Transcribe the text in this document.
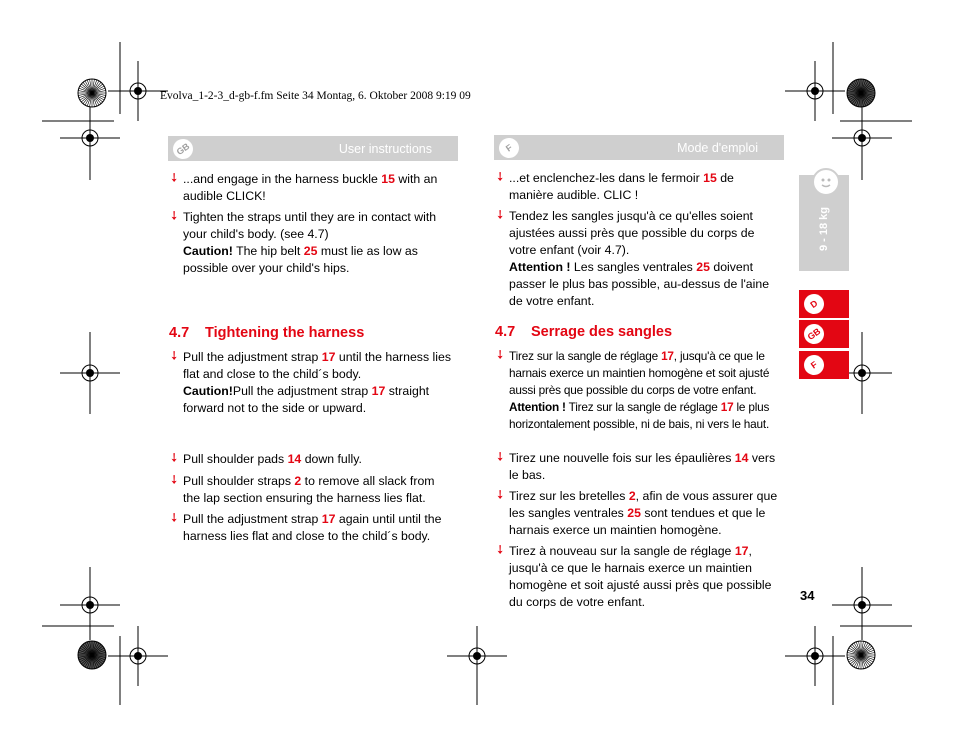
Evolva_1-2-3_d-gb-f.fm Seite 34 Montag, 6. Oktober 2008 9:19 09
GB	User instructions	F	Mode d'emploi
➘ ...and engage in the harness buckle 15 with an audible CLICK!
➘ Tighten the straps until they are in contact with your child's body. (see 4.7)
Caution! The hip belt 25 must lie as low as possible over your child's hips.
4.7 Tightening the harness
➘ Pull the adjustment strap 17 until the harness lies flat and close to the child´s body.
Caution!Pull the adjustment strap 17 straight forward not to the side or upward.
➘ Pull shoulder pads 14 down fully.
➘ Pull shoulder straps 2 to remove all slack from the lap section ensuring the harness lies flat.
➘ Pull the adjustment strap 17 again until until the harness lies flat and close to the child´s body.
➘ ...et enclenchez-les dans le fermoir 15 de manière audible. CLIC !
➘ Tendez les sangles jusqu'à ce qu'elles soient ajustées aussi près que possible du corps de votre enfant (voir 4.7).
Attention ! Les sangles ventrales 25 doivent passer le plus bas possible, au-dessus de l'aine de votre enfant.
4.7 Serrage des sangles
➘ Tirez sur la sangle de réglage 17, jusqu'à ce que le harnais exerce un maintien homogène et soit ajusté aussi près que possible du corps de votre enfant.
Attention ! Tirez sur la sangle de réglage 17 le plus horizontalement possible, ni de bais, ni vers le haut.
➘ Tirez une nouvelle fois sur les épaulières 14 vers le bas.
➘ Tirez sur les bretelles 2, afin de vous assurer que les sangles ventrales 25 sont tendues et que le harnais exerce un maintien homogène.
➘ Tirez à nouveau sur la sangle de réglage 17, jusqu'à ce que le harnais exerce un maintien homogène et soit ajusté aussi près que possible du corps de votre enfant.
9 - 18 kg
D
GB
F
34
